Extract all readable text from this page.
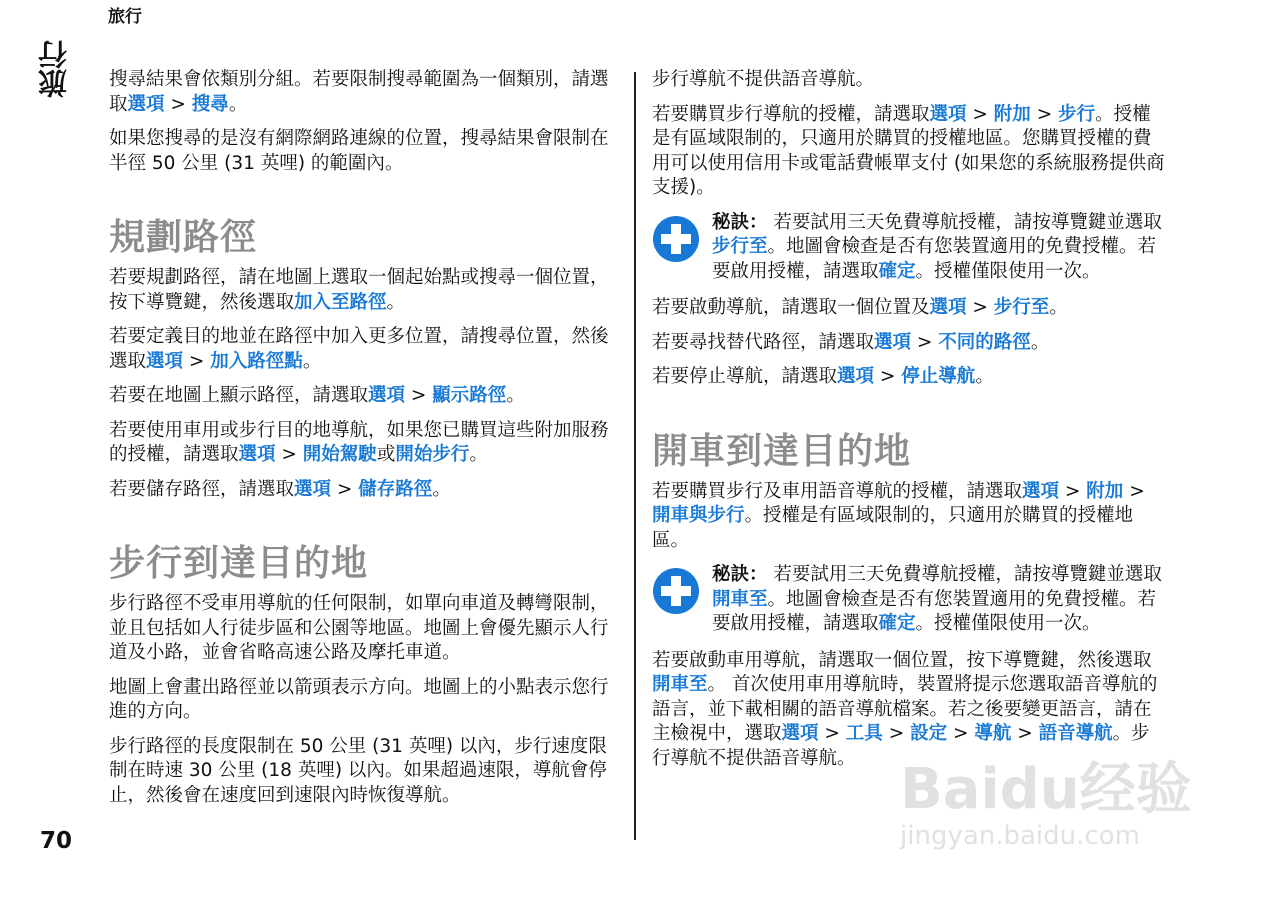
旅行
旅行
70

搜尋結果會依類別分組。若要限制搜尋範圍為一個類別，請選取選項 > 搜尋。

如果您搜尋的是沒有網際網路連線的位置，搜尋結果會限制在半徑 50 公里 (31 英哩) 的範圍內。

規劃路徑

若要規劃路徑，請在地圖上選取一個起始點或搜尋一個位置，按下導覽鍵，然後選取加入至路徑。

若要定義目的地並在路徑中加入更多位置，請搜尋位置，然後選取選項 > 加入路徑點。

若要在地圖上顯示路徑，請選取選項 > 顯示路徑。

若要使用車用或步行目的地導航，如果您已購買這些附加服務的授權，請選取選項 > 開始駕駛或開始步行。

若要儲存路徑，請選取選項 > 儲存路徑。

步行到達目的地

步行路徑不受車用導航的任何限制，如單向車道及轉彎限制，並且包括如人行徒步區和公園等地區。地圖上會優先顯示人行道及小路，並會省略高速公路及摩托車道。

地圖上會畫出路徑並以箭頭表示方向。地圖上的小點表示您行進的方向。

步行路徑的長度限制在 50 公里 (31 英哩) 以內，步行速度限制在時速 30 公里 (18 英哩) 以內。如果超過速限，導航會停止，然後會在速度回到速限內時恢復導航。

步行導航不提供語音導航。

若要購買步行導航的授權，請選取選項 > 附加 > 步行。授權是有區域限制的，只適用於購買的授權地區。您購買授權的費用可以使用信用卡或電話費帳單支付 (如果您的系統服務提供商支援)。

秘訣： 若要試用三天免費導航授權，請按導覽鍵並選取步行至。地圖會檢查是否有您裝置適用的免費授權。若要啟用授權，請選取確定。授權僅限使用一次。

若要啟動導航，請選取一個位置及選項 > 步行至。

若要尋找替代路徑，請選取選項 > 不同的路徑。

若要停止導航，請選取選項 > 停止導航。

開車到達目的地

若要購買步行及車用語音導航的授權，請選取選項 > 附加 > 開車與步行。授權是有區域限制的，只適用於購買的授權地區。

秘訣： 若要試用三天免費導航授權，請按導覽鍵並選取開車至。地圖會檢查是否有您裝置適用的免費授權。若要啟用授權，請選取確定。授權僅限使用一次。

若要啟動車用導航，請選取一個位置，按下導覽鍵，然後選取開車至。 首次使用車用導航時，裝置將提示您選取語音導航的語言，並下載相關的語音導航檔案。若之後要變更語言，請在主檢視中，選取選項 > 工具 > 設定 > 導航 > 語音導航。步行導航不提供語音導航。 Baidu经验
jingyan.baidu.com
